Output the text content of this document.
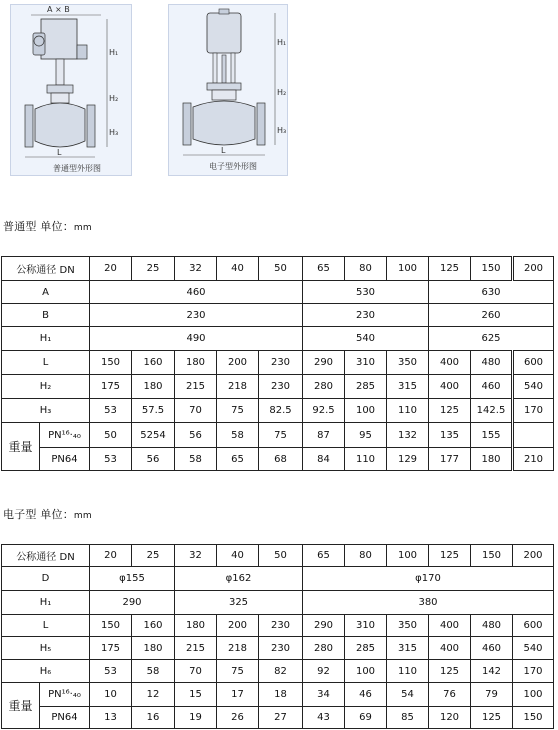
A × B
L
H₁
H₂
H₃
普通型外形图
L
H₁
H₂
H₃
电子型外形图
普通型 单位：mm
公称通径 DN		20	25	32	40	50	65	80	100	125	150	200
A		460					530			630		
B		230					230			260		
H₁		490					540			625		
L		150	160	180	200	230	290	310	350	400	480	600
H₂		175	180	215	218	230	280	285	315	400	460	540
H₃		53	57.5	70	75	82.5	92.5	100	110	125	142.5	170
重量	PN¹⁶·₄₀	50	5254	56	58	75	87	95	132	135	155	
	PN64	53	56	58	65	68	84	110	129	177	180	210
电子型 单位：mm
公称通径 DN		20	25	32	40	50	65	80	100	125	150	200
D		φ155		φ162			φ170					
H₁		290		325			380					
L		150	160	180	200	230	290	310	350	400	480	600
H₅		175	180	215	218	230	280	285	315	400	460	540
H₆		53	58	70	75	82	92	100	110	125	142	170
重量	PN¹⁶·₄₀	10	12	15	17	18	34	46	54	76	79	100
	PN64	13	16	19	26	27	43	69	85	120	125	150
